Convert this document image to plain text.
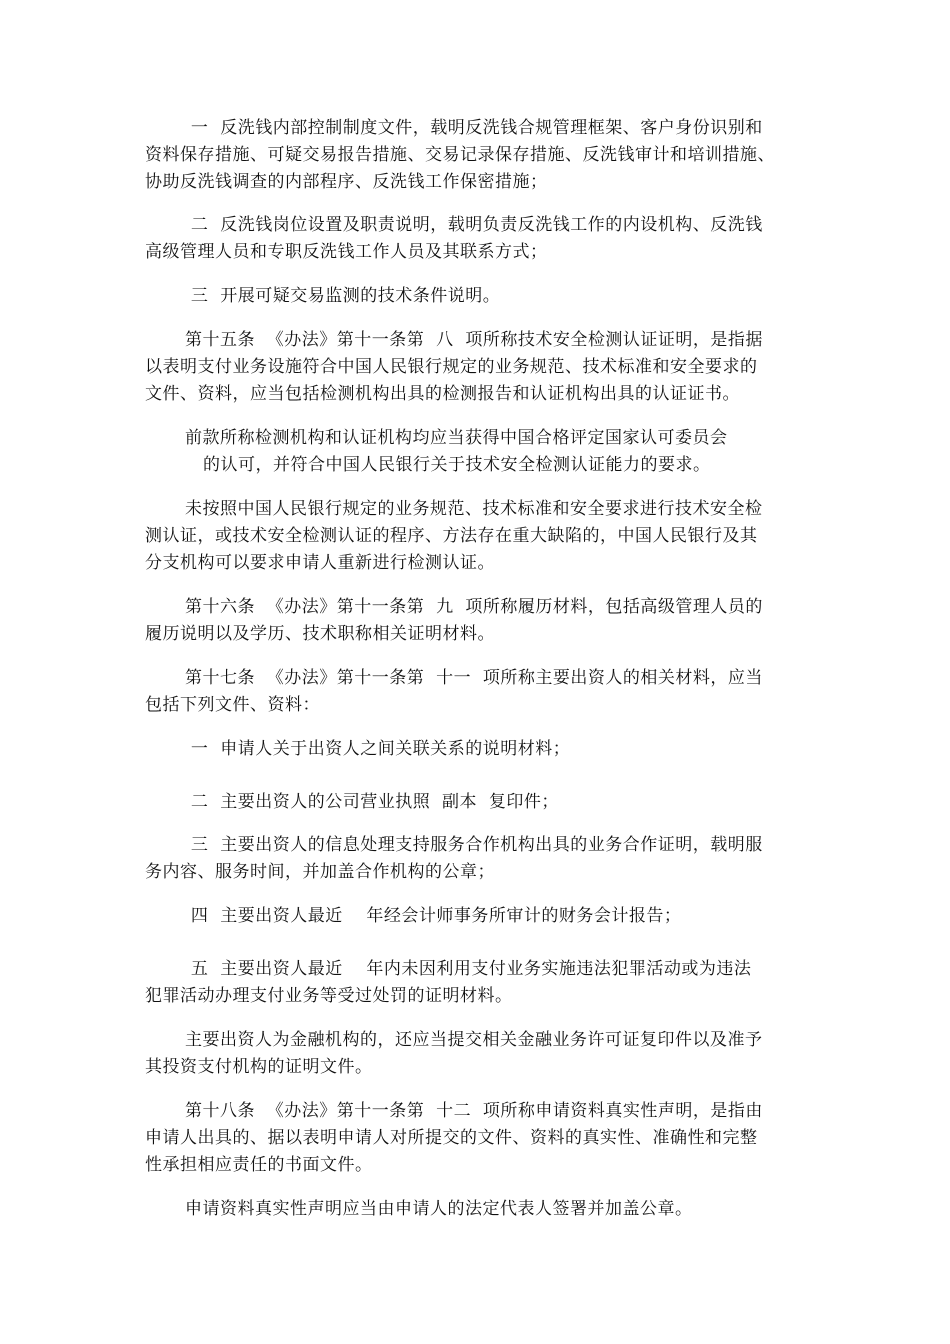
一  反洗钱内部控制制度文件，载明反洗钱合规管理框架、客户身份识别和
资料保存措施、可疑交易报告措施、交易记录保存措施、反洗钱审计和培训措施、
协助反洗钱调查的内部程序、反洗钱工作保密措施；
二  反洗钱岗位设置及职责说明，载明负责反洗钱工作的内设机构、反洗钱
高级管理人员和专职反洗钱工作人员及其联系方式；
三  开展可疑交易监测的技术条件说明。
第十五条  《办法》第十一条第  八  项所称技术安全检测认证证明，是指据
以表明支付业务设施符合中国人民银行规定的业务规范、技术标准和安全要求的
文件、资料，应当包括检测机构出具的检测报告和认证机构出具的认证证书。
前款所称检测机构和认证机构均应当获得中国合格评定国家认可委员会
的认可，并符合中国人民银行关于技术安全检测认证能力的要求。
未按照中国人民银行规定的业务规范、技术标准和安全要求进行技术安全检
测认证，或技术安全检测认证的程序、方法存在重大缺陷的，中国人民银行及其
分支机构可以要求申请人重新进行检测认证。
第十六条  《办法》第十一条第  九  项所称履历材料，包括高级管理人员的
履历说明以及学历、技术职称相关证明材料。
第十七条  《办法》第十一条第  十一  项所称主要出资人的相关材料，应当
包括下列文件、资料：
一  申请人关于出资人之间关联关系的说明材料；
二  主要出资人的公司营业执照  副本  复印件；
三  主要出资人的信息处理支持服务合作机构出具的业务合作证明，载明服
务内容、服务时间，并加盖合作机构的公章；
四  主要出资人最近    年经会计师事务所审计的财务会计报告；
五  主要出资人最近    年内未因利用支付业务实施违法犯罪活动或为违法
犯罪活动办理支付业务等受过处罚的证明材料。
主要出资人为金融机构的，还应当提交相关金融业务许可证复印件以及准予
其投资支付机构的证明文件。
第十八条  《办法》第十一条第  十二  项所称申请资料真实性声明，是指由
申请人出具的、据以表明申请人对所提交的文件、资料的真实性、准确性和完整
性承担相应责任的书面文件。
申请资料真实性声明应当由申请人的法定代表人签署并加盖公章。
